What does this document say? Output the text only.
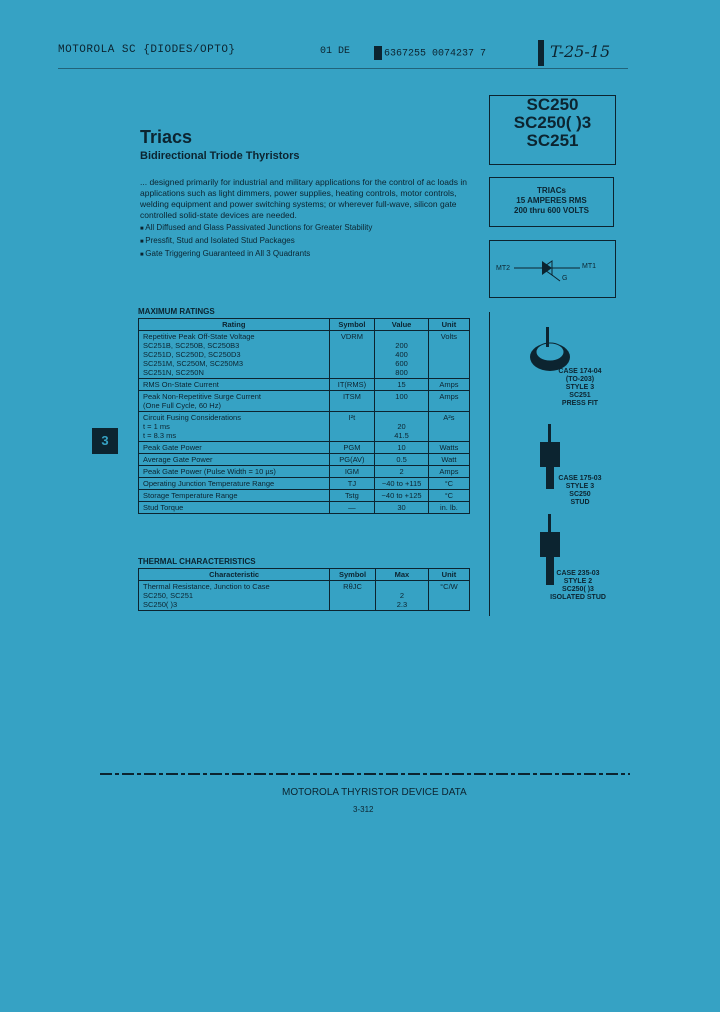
MOTOROLA SC {DIODES/OPTO}	01 DE	6367255 0074237 7	T-25-15
SC250
SC250( )3
SC251
TRIACs
15 AMPERES RMS
200 thru 600 VOLTS
MT2	MT1
G
Triacs
Bidirectional Triode Thyristors
... designed primarily for industrial and military applications for the control of ac loads in applications such as light dimmers, power supplies, heating controls, motor controls, welding equipment and power switching systems; or wherever full-wave, silicon gate controlled solid-state devices are needed.
■ All Diffused and Glass Passivated Junctions for Greater Stability
■ Pressfit, Stud and Isolated Stud Packages
■ Gate Triggering Guaranteed in All 3 Quadrants
3
MAXIMUM RATINGS
Rating	Symbol	Value	Unit
Repetitive Peak Off-State Voltage
SC251B, SC250B, SC250B3
SC251D, SC250D, SC250D3
SC251M, SC250M, SC250M3
SC251N, SC250N	VDRM	
200
400
600
800	Volts
RMS On-State Current	IT(RMS)	15	Amps
Peak Non-Repetitive Surge Current
(One Full Cycle, 60 Hz)	ITSM	100	Amps
Circuit Fusing Considerations
t = 1 ms
t = 8.3 ms	I²t	
20
41.5	A²s
Peak Gate Power	PGM	10	Watts
Average Gate Power	PG(AV)	0.5	Watt
Peak Gate Power (Pulse Width = 10 µs)	IGM	2	Amps
Operating Junction Temperature Range	TJ	−40 to +115	°C
Storage Temperature Range	Tstg	−40 to +125	°C
Stud Torque	—	30	in. lb.
THERMAL CHARACTERISTICS
Characteristic	Symbol	Max	Unit
Thermal Resistance, Junction to Case
SC250, SC251
SC250( )3	RθJC	
2
2.3	°C/W
CASE 174-04
(TO-203)
STYLE 3
SC251
PRESS FIT
CASE 175-03
STYLE 3
SC250
STUD
CASE 235-03
STYLE 2
SC250( )3
ISOLATED STUD
MOTOROLA THYRISTOR DEVICE DATA
3-312
